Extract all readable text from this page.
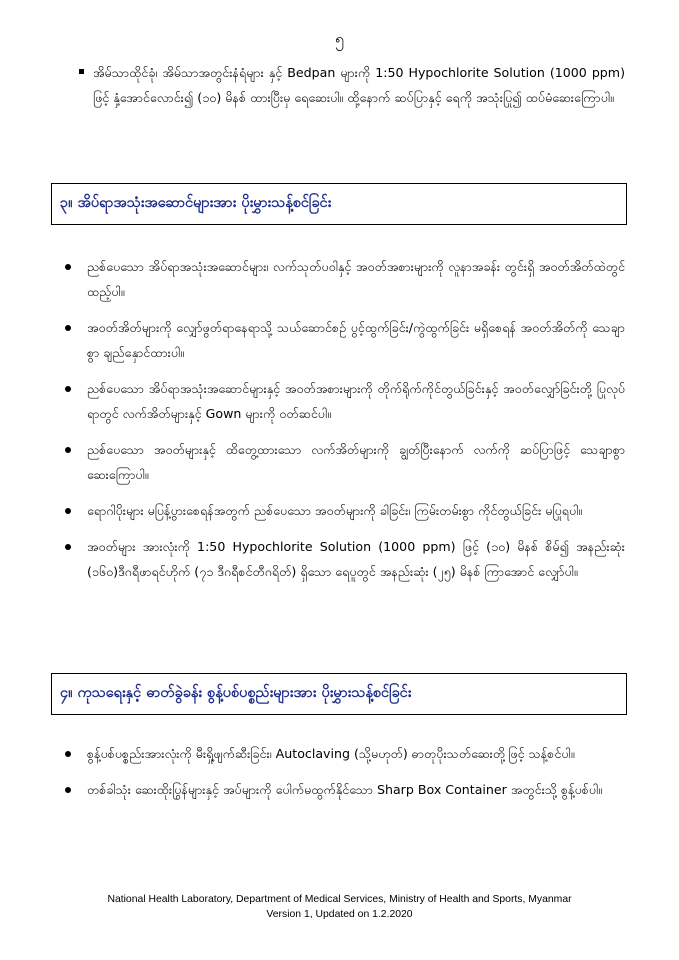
၅
အိမ်သာထိုင်ခုံ၊ အိမ်သာအတွင်းနံရံများ နှင့် Bedpan များကို 1:50 Hypochlorite Solution (1000 ppm) ဖြင့် နှံ့အောင်လောင်း၍ (၁၀) မိနစ် ထားပြီးမှ ရေဆေးပါ။ ထို့နောက် ဆပ်ပြာနှင့် ရေကို အသုံးပြု၍ ထပ်မံဆေးကြောပါ။
၃။ အိပ်ရာအသုံးအဆောင်များအား ပိုးမွှားသန့်စင်ခြင်း
ညစ်ပေသော အိပ်ရာအသုံးအဆောင်များ၊ လက်သုတ်ပဝါနှင့် အဝတ်အစားများကို လူနာအခန်း တွင်းရှိ အဝတ်အိတ်ထဲတွင် ထည့်ပါ။
အဝတ်အိတ်များကို လျှော်ဖွတ်ရာနေရာသို့ သယ်ဆောင်စဉ် ပွင့်ထွက်ခြင်း/ကွဲထွက်ခြင်း မရှိစေရန် အဝတ်အိတ်ကို သေချာစွာ ချည်နှောင်ထားပါ။
ညစ်ပေသော အိပ်ရာအသုံးအဆောင်များနှင့် အဝတ်အစားများကို တိုက်ရိုက်ကိုင်တွယ်ခြင်းနှင့် အဝတ်လျှော်ခြင်းတို့ ပြုလုပ်ရာတွင် လက်အိတ်များနှင့် Gown များကို ဝတ်ဆင်ပါ။
ညစ်ပေသော အဝတ်များနှင့် ထိတွေ့ထားသော လက်အိတ်များကို ချွတ်ပြီးနောက် လက်ကို ဆပ်ပြာဖြင့် သေချာစွာ ဆေးကြောပါ။
ရောဂါပိုးများ မပြန့်ပွားစေရန်အတွက် ညစ်ပေသော အဝတ်များကို ခါခြင်း၊ ကြမ်းတမ်းစွာ ကိုင်တွယ်ခြင်း မပြုရပါ။
အဝတ်များ အားလုံးကို 1:50 Hypochlorite Solution (1000 ppm) ဖြင့် (၁၀) မိနစ် စိမ်၍ အနည်းဆုံး (၁၆၀)ဒီဂရီဖာရင်ဟိုက် (၇၁ ဒီဂရီစင်တီဂရိတ်) ရှိသော ရေပူတွင် အနည်းဆုံး (၂၅) မိနစ် ကြာအောင် လျှော်ပါ။
၄။ ကုသရေးနှင့် ဓာတ်ခွဲခန်း စွန့်ပစ်ပစ္စည်းများအား ပိုးမွှားသန့်စင်ခြင်း
စွန့်ပစ်ပစ္စည်းအားလုံးကို မီးရှို့ဖျက်ဆီးခြင်း၊ Autoclaving (သို့မဟုတ်) ဓာတုပိုးသတ်ဆေးတို့ဖြင့် သန့်စင်ပါ။
တစ်ခါသုံး ဆေးထိုးပြွန်များနှင့် အပ်များကို ပေါက်မထွက်နိုင်သော Sharp Box Container အတွင်းသို့ စွန့်ပစ်ပါ။
National Health Laboratory, Department of Medical Services, Ministry of Health and Sports, Myanmar
Version 1, Updated on 1.2.2020
